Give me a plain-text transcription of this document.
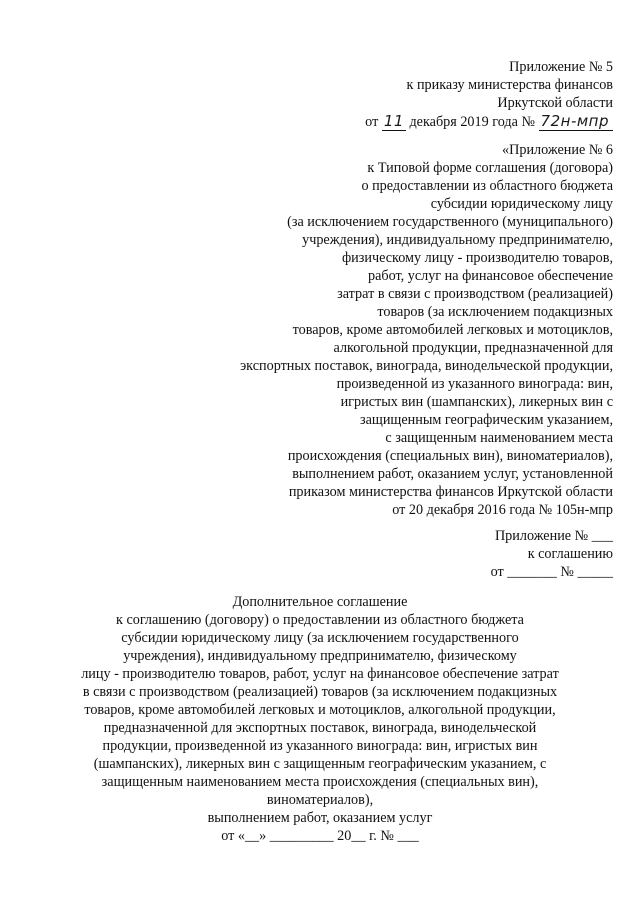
Приложение № 5
к приказу министерства финансов
Иркутской области
от 11 декабря 2019 года № 72н-мпр
«Приложение № 6
к Типовой форме соглашения (договора)
о предоставлении из областного бюджета
субсидии юридическому лицу
(за исключением государственного (муниципального)
учреждения), индивидуальному предпринимателю,
физическому лицу - производителю товаров,
работ, услуг на финансовое обеспечение
затрат в связи с производством (реализацией)
товаров (за исключением подакцизных
товаров, кроме автомобилей легковых и мотоциклов,
алкогольной продукции, предназначенной для
экспортных поставок, винограда, винодельческой продукции,
произведенной из указанного винограда: вин,
игристых вин (шампанских), ликерных вин с
защищенным географическим указанием,
с защищенным наименованием места
происхождения (специальных вин), виноматериалов),
выполнением работ, оказанием услуг, установленной
приказом министерства финансов Иркутской области
от 20 декабря 2016 года № 105н-мпр
Приложение № ___
к соглашению
от _______ № _____
Дополнительное соглашение
к соглашению (договору) о предоставлении из областного бюджета
субсидии юридическому лицу (за исключением государственного
учреждения), индивидуальному предпринимателю, физическому
лицу - производителю товаров, работ, услуг на финансовое обеспечение затрат
в связи с производством (реализацией) товаров (за исключением подакцизных
товаров, кроме автомобилей легковых и мотоциклов, алкогольной продукции,
предназначенной для экспортных поставок, винограда, винодельческой
продукции, произведенной из указанного винограда: вин, игристых вин
(шампанских), ликерных вин с защищенным географическим указанием, с
защищенным наименованием места происхождения (специальных вин),
виноматериалов),
выполнением работ, оказанием услуг
от «__» _________ 20__ г. № ___
